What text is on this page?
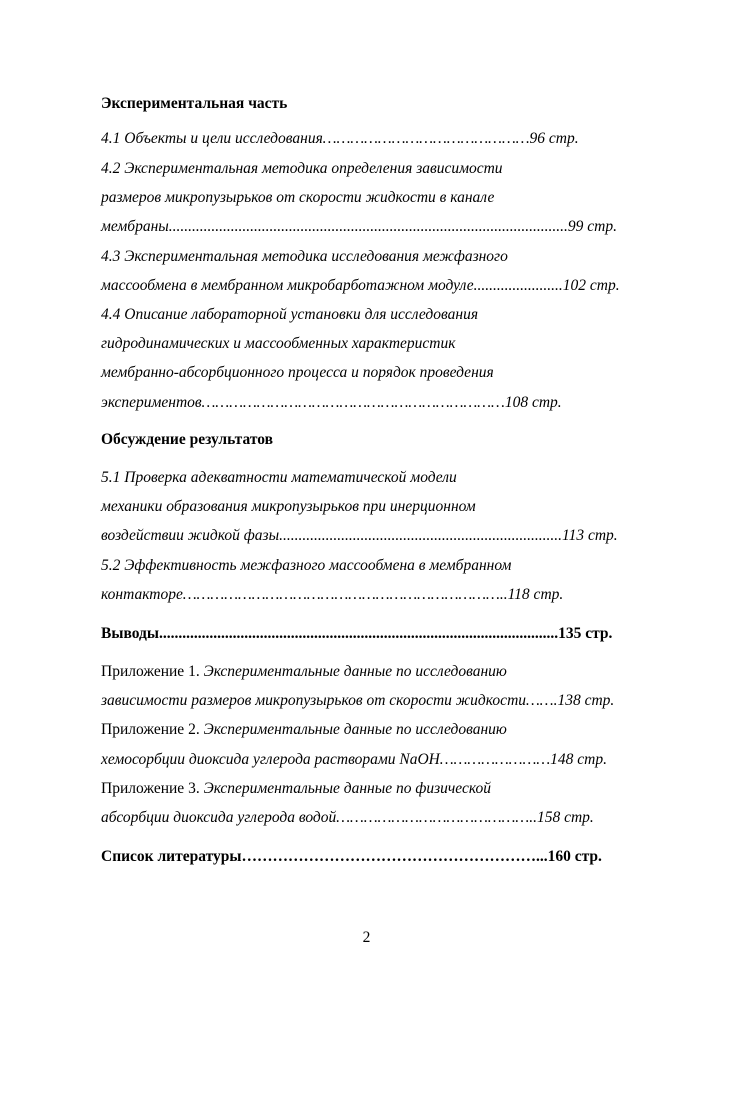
Экспериментальная часть
4.1 Объекты и цели исследования………………………………………96 стр.
4.2 Экспериментальная методика определения зависимости
размеров микропузырьков от скорости жидкости в канале
мембраны.......................................................................................................99 стр.
4.3 Экспериментальная методика исследования межфазного
массообмена в мембранном микробарботажном модуле.......................102 стр.
4.4 Описание лабораторной установки для исследования
гидродинамических и массообменных характеристик
мембранно-абсорбционного процесса и порядок проведения
экспериментов…………………………………………………………108 стр.
Обсуждение результатов
5.1 Проверка адекватности математической модели
механики образования микропузырьков при инерционном
воздействии жидкой фазы.........................................................................113 стр.
5.2 Эффективность межфазного массообмена в мембранном
контакторе……………………………………………………………..118 стр.
Выводы.......................................................................................................135 стр.
Приложение 1. Экспериментальные данные по исследованию
зависимости размеров микропузырьков от скорости жидкости…….138 стр.
Приложение 2. Экспериментальные данные по исследованию
хемосорбции диоксида углерода растворами NaOH……………………148 стр.
Приложение 3. Экспериментальные данные по физической
абсорбции диоксида углерода водой……………………………………..158 стр.
Список литературы…………………………………………………...160 стр.
2
